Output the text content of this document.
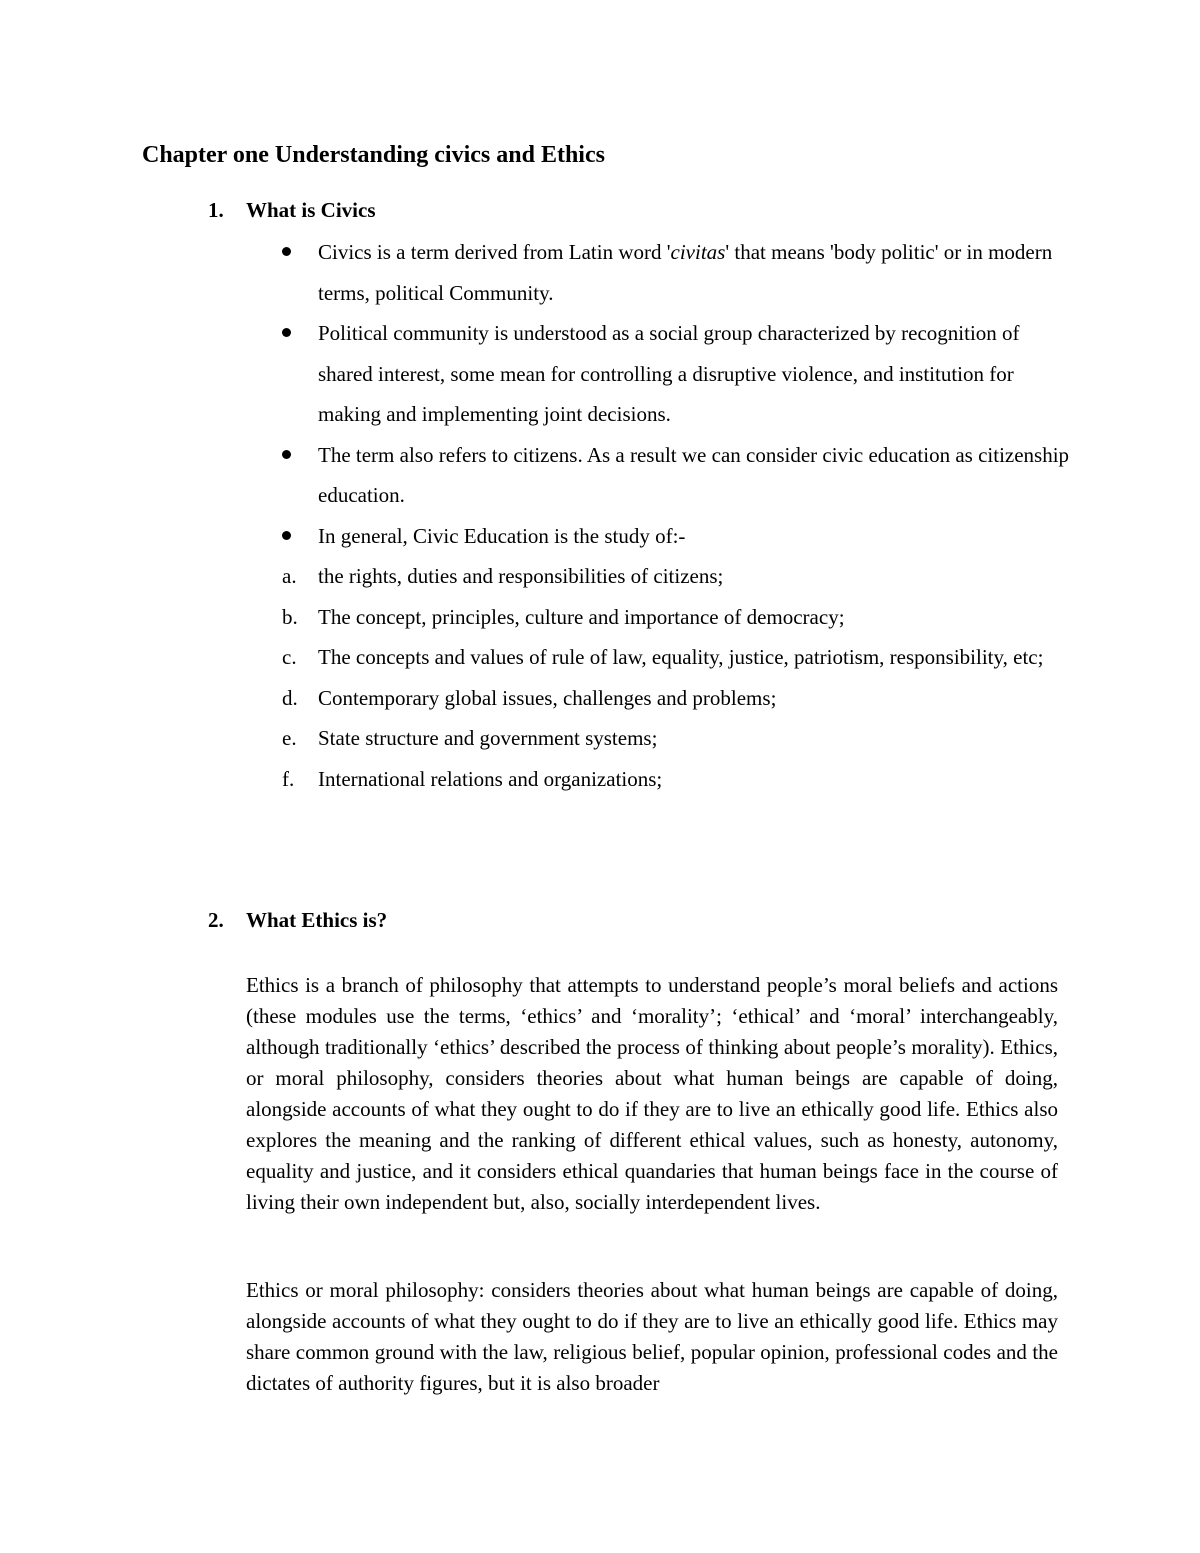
Chapter one Understanding civics and Ethics
1. What is Civics
Civics is a term derived from Latin word 'civitas' that means 'body politic' or in modern terms, political Community.
Political community is understood as a social group characterized by recognition of shared interest, some mean for controlling a disruptive violence, and institution for making and implementing joint decisions.
The term also refers to citizens. As a result we can consider civic education as citizenship education.
In general, Civic Education is the study of:-
a. the rights, duties and responsibilities of citizens;
b. The concept, principles, culture and importance of democracy;
c. The concepts and values of rule of law, equality, justice, patriotism, responsibility, etc;
d. Contemporary global issues, challenges and problems;
e. State structure and government systems;
f. International relations and organizations;
2. What Ethics is?

Ethics is a branch of philosophy that attempts to understand people’s moral beliefs and actions (these modules use the terms, ‘ethics’ and ‘morality’; ‘ethical’ and ‘moral’ interchangeably, although traditionally ‘ethics’ described the process of thinking about people’s morality). Ethics, or moral philosophy, considers theories about what human beings are capable of doing, alongside accounts of what they ought to do if they are to live an ethically good life. Ethics also explores the meaning and the ranking of different ethical values, such as honesty, autonomy, equality and justice, and it considers ethical quandaries that human beings face in the course of living their own independent but, also, socially interdependent lives.

Ethics or moral philosophy: considers theories about what human beings are capable of doing, alongside accounts of what they ought to do if they are to live an ethically good life. Ethics may share common ground with the law, religious belief, popular opinion, professional codes and the dictates of authority figures, but it is also broader
